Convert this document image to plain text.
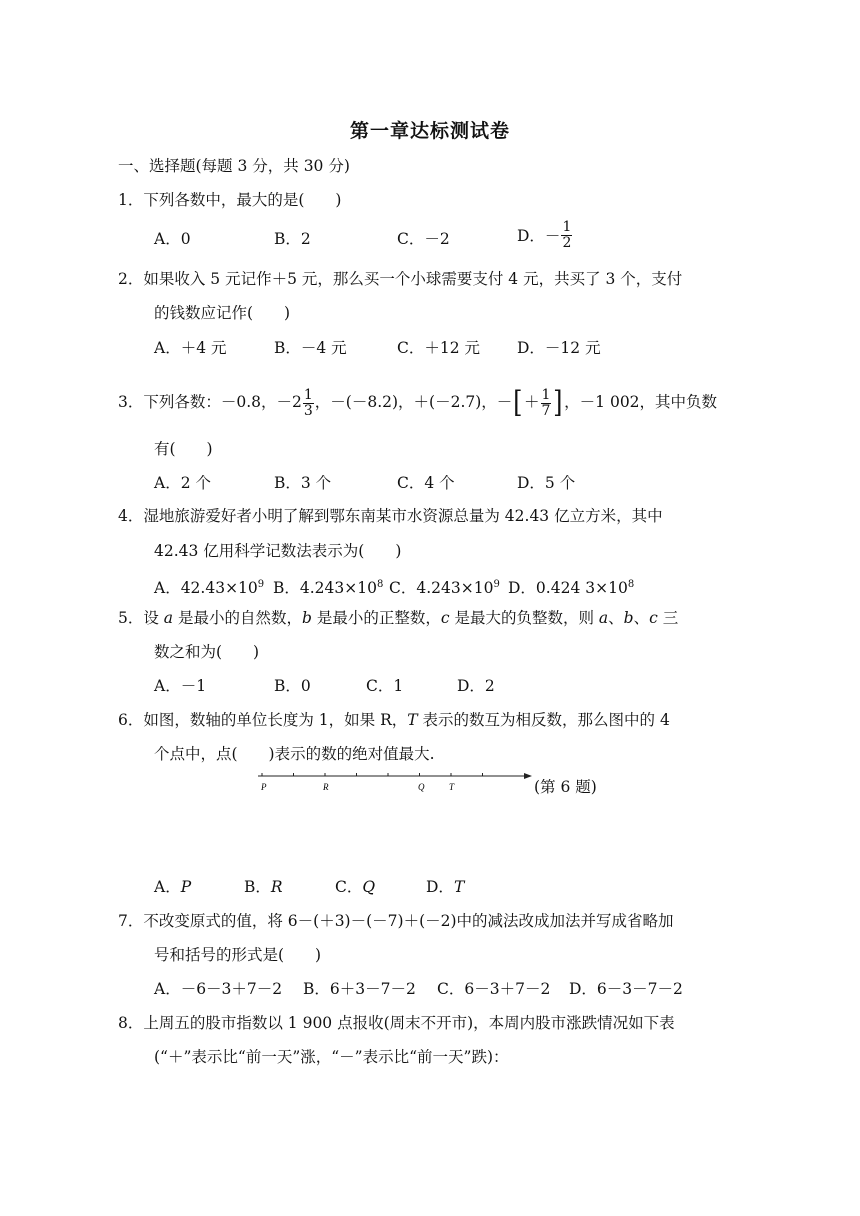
第一章达标测试卷
一、选择题(每题 3 分，共 30 分)
1．下列各数中，最大的是(　　)
A．0	B．2	C．－2	D．－ $\frac{1}{2}$
2．如果收入 5 元记作＋5 元，那么买一个小球需要支付 4 元，共买了 3 个，支付
的钱数应记作(　　)
A．＋4 元	B．－4 元	C．＋12 元 D．－12 元
3．下列各数：－0.8，$-2 \frac{1}{3}$ ，－(－8.2)，＋(－2.7)，－[＋ $\frac{1}{7}$ ]，－1 002，其中负数
有(　　)
A．2 个	B．3 个	C．4 个	D．5 个
4．湿地旅游爱好者小明了解到鄂东南某市水资源总量为 42.43 亿立方米，其中
42.43 亿用科学记数法表示为(　　)
A．$42.43\times 10^9$ B．$4.243\times 10^8$ C．$4.243\times 10^9$ D．0.424 $3\times 10^8$
5．设 a 是最小的自然数，b 是最小的正整数，c 是最大的负整数，则 a、b、c 三
数之和为(　　)
A．－1	B．0	C．1	D．2
6．如图，数轴的单位长度为 1，如果 R，T 表示的数互为相反数，那么图中的 4
个点中，点(　　)表示的数的绝对值最大.
P	R	Q	T	(第 6 题)
A．P	B．R	C．Q	D．T
7．不改变原式的值，将 6－(＋3)－(－7)＋(－2)中的减法改成加法并写成省略加
号和括号的形式是(　　)
A．－6－3＋7－2 B．6＋3－7－2 C．6－3＋7－2 D．6－3－7－2
8．上周五的股市指数以 1 900 点报收(周末不开市)，本周内股市涨跌情况如下表
(“＋”表示比“前一天”涨，“－”表示比“前一天”跌)：
